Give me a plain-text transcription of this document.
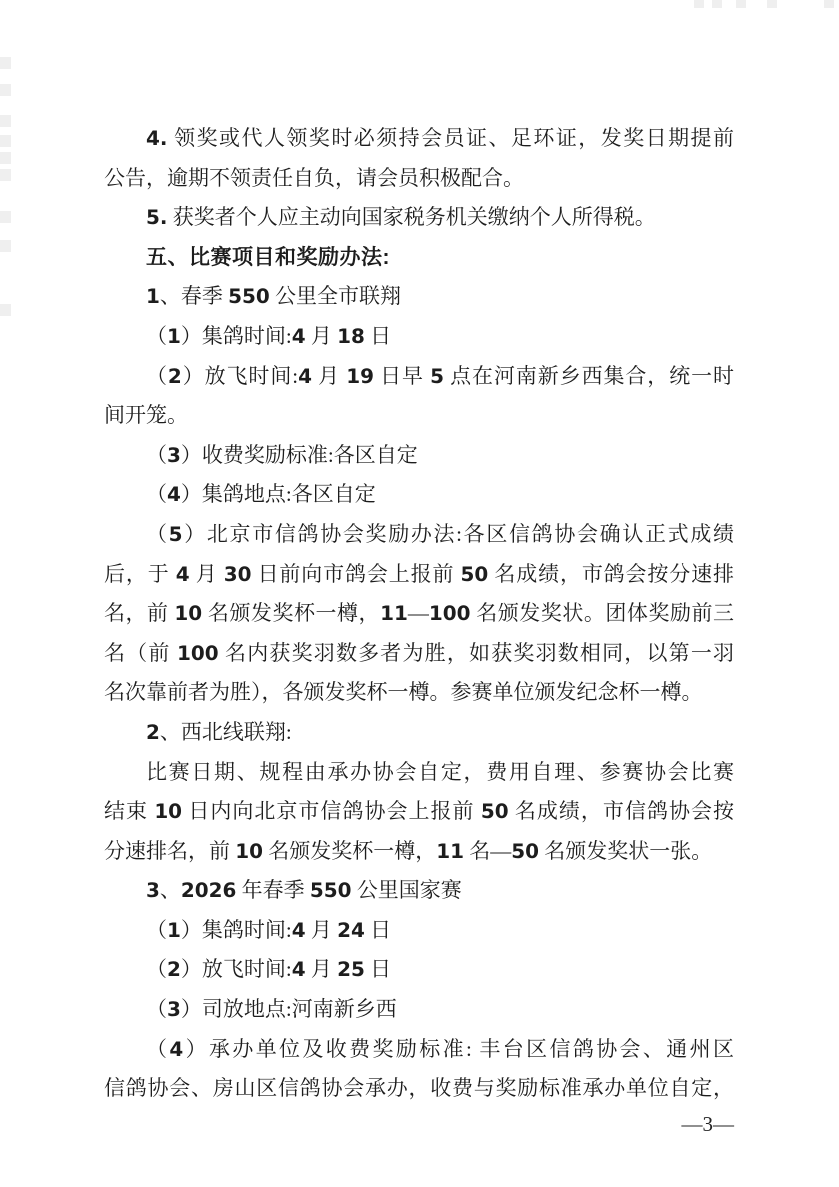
4. 领奖或代人领奖时必须持会员证、足环证，发奖日期提前
公告，逾期不领责任自负，请会员积极配合。
5. 获奖者个人应主动向国家税务机关缴纳个人所得税。
五、比赛项目和奖励办法:
1、春季 550 公里全市联翔
（1）集鸽时间:4 月 18 日
（2）放飞时间:4 月 19 日早 5 点在河南新乡西集合，统一时
间开笼。
（3）收费奖励标准:各区自定
（4）集鸽地点:各区自定
（5）北京市信鸽协会奖励办法:各区信鸽协会确认正式成绩
后，于 4 月 30 日前向市鸽会上报前 50 名成绩，市鸽会按分速排
名，前 10 名颁发奖杯一樽，11—100 名颁发奖状。团体奖励前三
名（前 100 名内获奖羽数多者为胜，如获奖羽数相同，以第一羽
名次靠前者为胜），各颁发奖杯一樽。参赛单位颁发纪念杯一樽。
2、西北线联翔:
比赛日期、规程由承办协会自定，费用自理、参赛协会比赛
结束 10 日内向北京市信鸽协会上报前 50 名成绩，市信鸽协会按
分速排名，前 10 名颁发奖杯一樽，11 名—50 名颁发奖状一张。
3、2026 年春季 550 公里国家赛
（1）集鸽时间:4 月 24 日
（2）放飞时间:4 月 25 日
（3）司放地点:河南新乡西
（4）承办单位及收费奖励标准: 丰台区信鸽协会、通州区
信鸽协会、房山区信鸽协会承办，收费与奖励标准承办单位自定，
—3—
